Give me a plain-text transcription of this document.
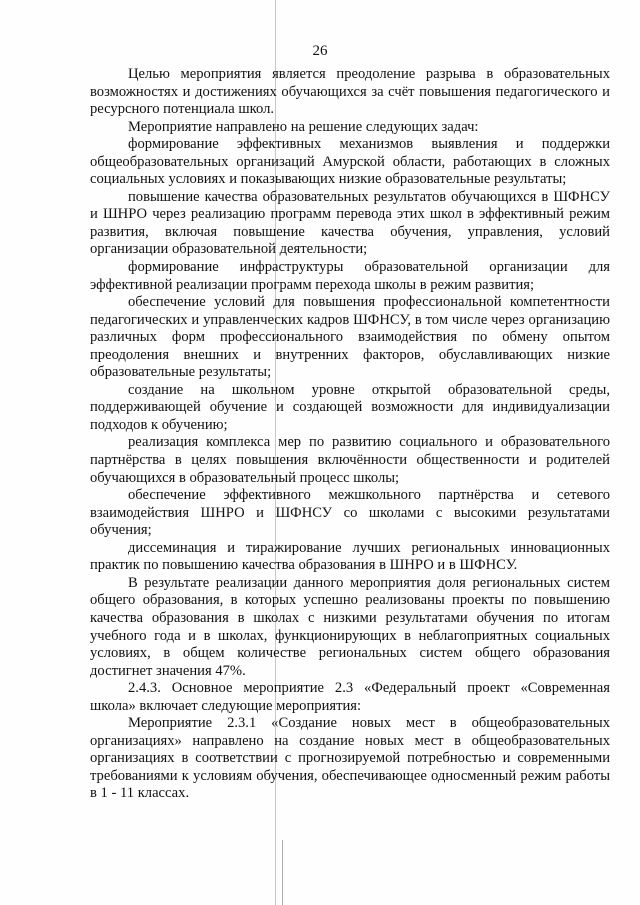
26

Целью мероприятия является преодоление разрыва в образовательных возможностях и достижениях обучающихся за счёт повышения педагогического и ресурсного потенциала школ.

Мероприятие направлено на решение следующих задач:

формирование эффективных механизмов выявления и поддержки общеобразовательных организаций Амурской области, работающих в сложных социальных условиях и показывающих низкие образовательные результаты;

повышение качества образовательных результатов обучающихся в ШФНСУ и ШНРО через реализацию программ перевода этих школ в эффективный режим развития, включая повышение качества обучения, управления, условий организации образовательной деятельности;

формирование инфраструктуры образовательной организации для эффективной реализации программ перехода школы в режим развития;

обеспечение условий для повышения профессиональной компетентности педагогических и управленческих кадров ШФНСУ, в том числе через организацию различных форм профессионального взаимодействия по обмену опытом преодоления внешних и внутренних факторов, обуславливающих низкие образовательные результаты;

создание на школьном уровне открытой образовательной среды, поддерживающей обучение и создающей возможности для индивидуализации подходов к обучению;

реализация комплекса мер по развитию социального и образовательного партнёрства в целях повышения включённости общественности и родителей обучающихся в образовательный процесс школы;

обеспечение эффективного межшкольного партнёрства и сетевого взаимодействия ШНРО и ШФНСУ со школами с высокими результатами обучения;

диссеминация и тиражирование лучших региональных инновационных практик по повышению качества образования в ШНРО и в ШФНСУ.

В результате реализации данного мероприятия доля региональных систем общего образования, в которых успешно реализованы проекты по повышению качества образования в школах с низкими результатами обучения по итогам учебного года и в школах, функционирующих в неблагоприятных социальных условиях, в общем количестве региональных систем общего образования достигнет значения 47%.

2.4.3. Основное мероприятие 2.3 «Федеральный проект «Современная школа» включает следующие мероприятия:

Мероприятие 2.3.1 «Создание новых мест в общеобразовательных организациях» направлено на создание новых мест в общеобразовательных организациях в соответствии с прогнозируемой потребностью и современными требованиями к условиям обучения, обеспечивающее односменный режим работы в 1 - 11 классах.
